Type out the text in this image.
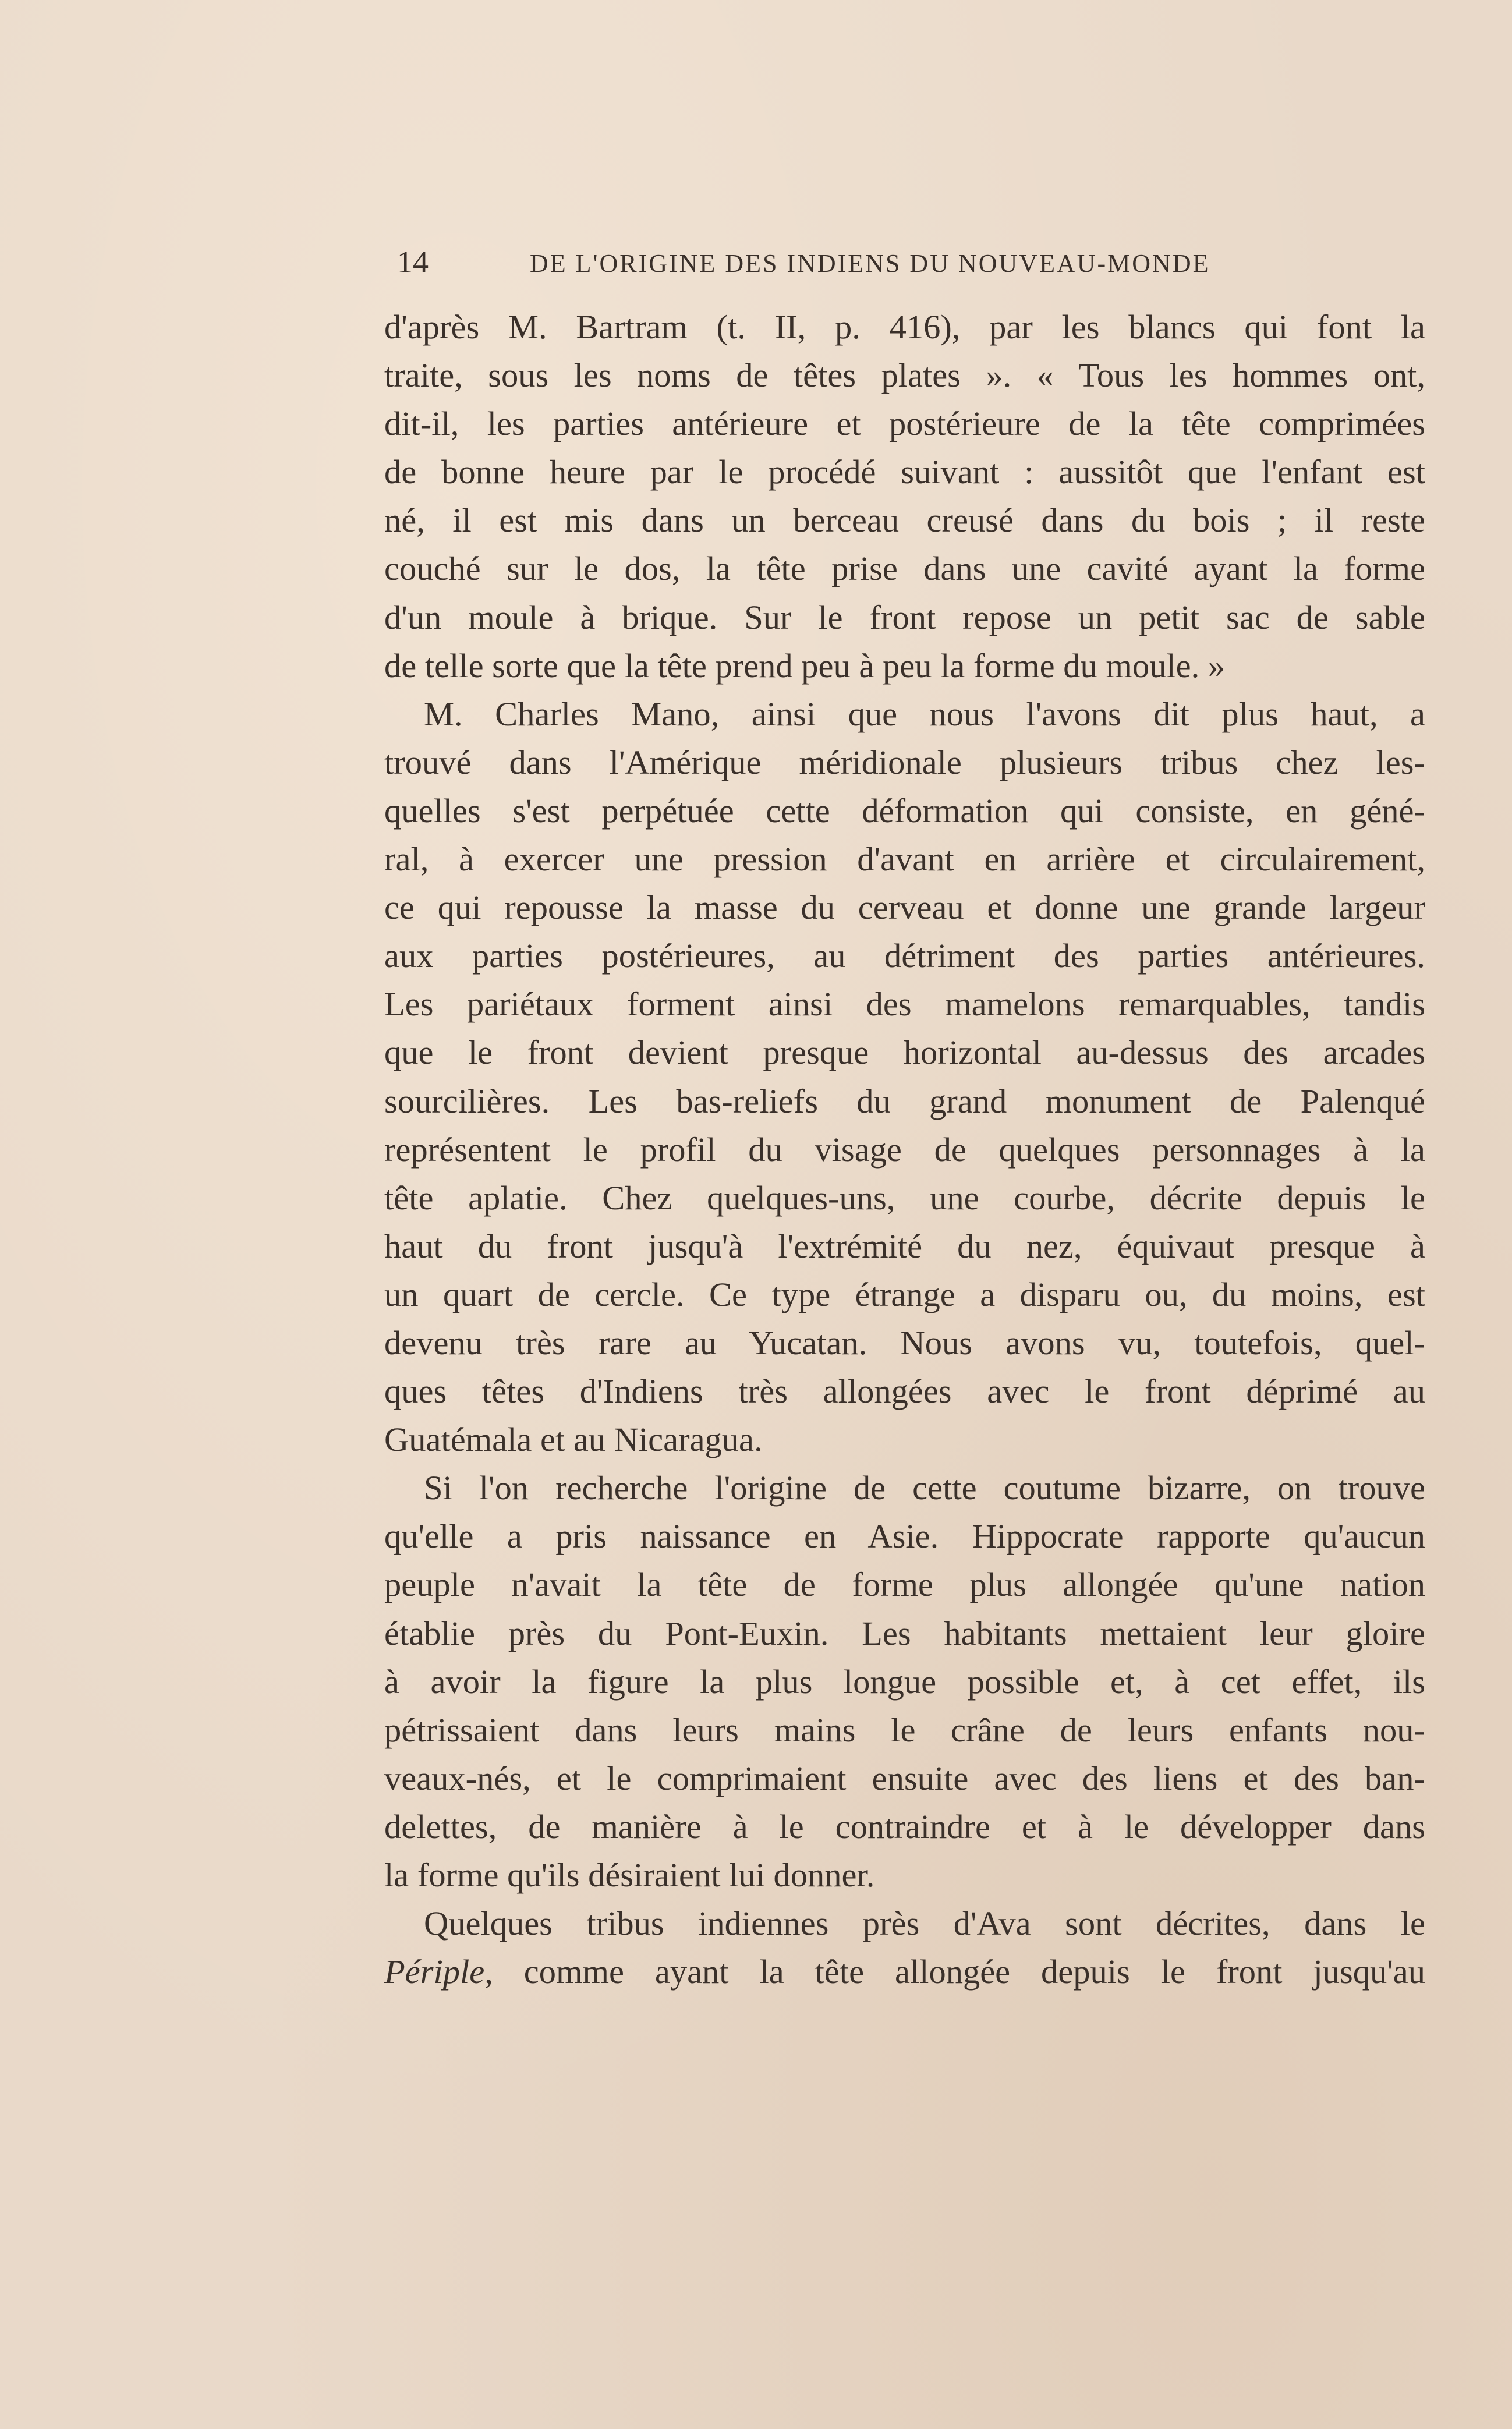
14	DE L'ORIGINE DES INDIENS DU NOUVEAU-MONDE
d'après M. Bartram (t. II, p. 416), par les blancs qui font la
traite, sous les noms de têtes plates ». « Tous les hommes ont,
dit-il, les parties antérieure et postérieure de la tête comprimées
de bonne heure par le procédé suivant : aussitôt que l'enfant est
né, il est mis dans un berceau creusé dans du bois ; il reste
couché sur le dos, la tête prise dans une cavité ayant la forme
d'un moule à brique. Sur le front repose un petit sac de sable
de telle sorte que la tête prend peu à peu la forme du moule. »
M. Charles Mano, ainsi que nous l'avons dit plus haut, a
trouvé dans l'Amérique méridionale plusieurs tribus chez les-
quelles s'est perpétuée cette déformation qui consiste, en géné-
ral, à exercer une pression d'avant en arrière et circulairement,
ce qui repousse la masse du cerveau et donne une grande largeur
aux parties postérieures, au détriment des parties antérieures.
Les pariétaux forment ainsi des mamelons remarquables, tandis
que le front devient presque horizontal au-dessus des arcades
sourcilières. Les bas-reliefs du grand monument de Palenqué
représentent le profil du visage de quelques personnages à la
tête aplatie. Chez quelques-uns, une courbe, décrite depuis le
haut du front jusqu'à l'extrémité du nez, équivaut presque à
un quart de cercle. Ce type étrange a disparu ou, du moins, est
devenu très rare au Yucatan. Nous avons vu, toutefois, quel-
ques têtes d'Indiens très allongées avec le front déprimé au
Guatémala et au Nicaragua.
Si l'on recherche l'origine de cette coutume bizarre, on trouve
qu'elle a pris naissance en Asie. Hippocrate rapporte qu'aucun
peuple n'avait la tête de forme plus allongée qu'une nation
établie près du Pont-Euxin. Les habitants mettaient leur gloire
à avoir la figure la plus longue possible et, à cet effet, ils
pétrissaient dans leurs mains le crâne de leurs enfants nou-
veaux-nés, et le comprimaient ensuite avec des liens et des ban-
delettes, de manière à le contraindre et à le développer dans
la forme qu'ils désiraient lui donner.
Quelques tribus indiennes près d'Ava sont décrites, dans le
Périple, comme ayant la tête allongée depuis le front jusqu'au
